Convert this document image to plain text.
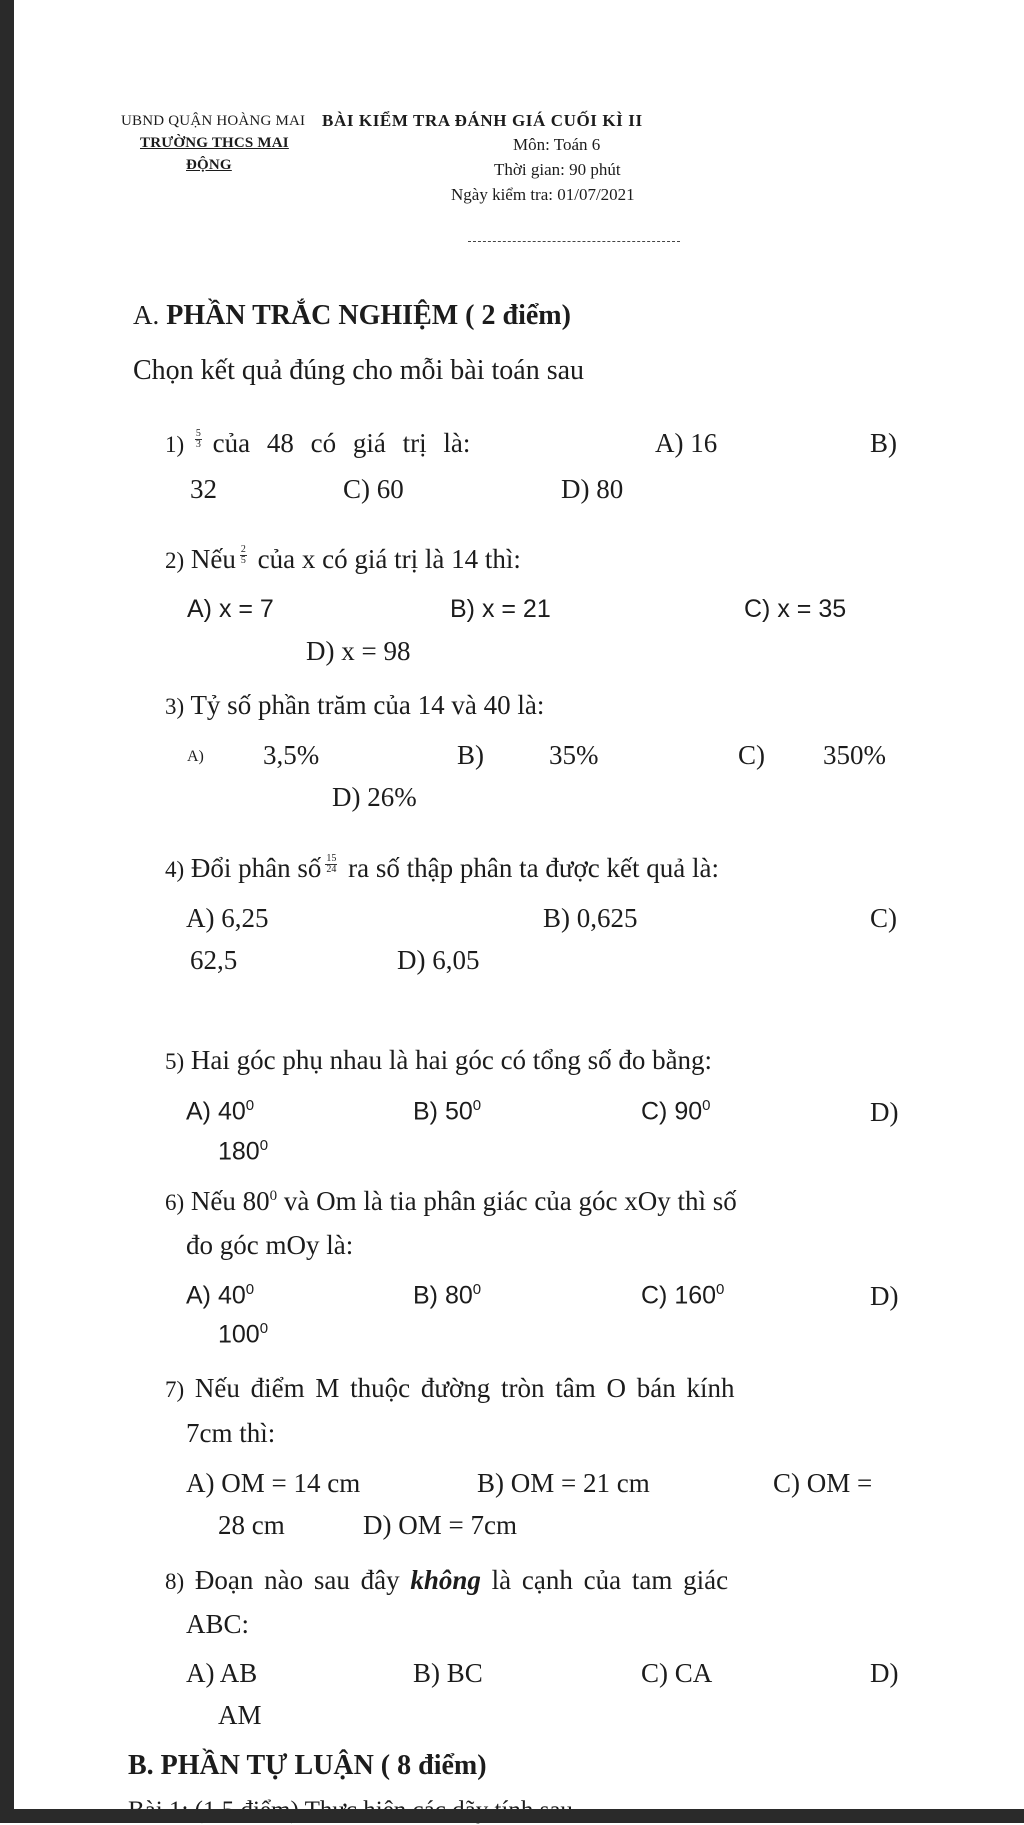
UBND QUẬN HOÀNG MAI BÀI KIỂM TRA ĐÁNH GIÁ CUỐI KÌ II
TRƯỜNG THCS MAI
ĐỘNG
Môn: Toán 6
Thời gian: 90 phút
Ngày kiểm tra: 01/07/2021
A. PHẦN TRẮC NGHIỆM ( 2 điểm)
Chọn kết quả đúng cho mỗi bài toán sau
$1) \frac{5}{3}$ của 48 có giá trị là:	A) 16	B)
32	C) 60	D) 80
2) Nếu $\frac{2}{5}$ của x có giá trị là 14 thì:
A) x = 7	B) x = 21	C) x = 35
D) x = 98
3) Tỷ số phần trăm của 14 và 40 là:
A) 3,5%	B) 35%	C) 350%
D) 26%
4) Đổi phân số $\frac{15}{24}$ ra số thập phân ta được kết quả là:
A) 6,25	B) 0,625	C)
62,5	D) 6,05
5) Hai góc phụ nhau là hai góc có tổng số đo bằng:
A) $40^0$	B) $50^0$	C) $90^0$	D)
$180^0$
6) Nếu $80^0$ và Om là tia phân giác của góc xOy thì số
đo góc mOy là:
A) $40^0$	B) $80^0$	C) $160^0$	D)
$100^0$
7) Nếu điểm M thuộc đường tròn tâm O bán kính
7cm thì:
A) OM = 14 cm	B) OM = 21 cm	C) OM =
28 cm	D) OM = 7cm
8) Đoạn nào sau đây không là cạnh của tam giác
ABC:
A) AB	B) BC	C) CA	D)
AM
B. PHẦN TỰ LUẬN ( 8 điểm)
